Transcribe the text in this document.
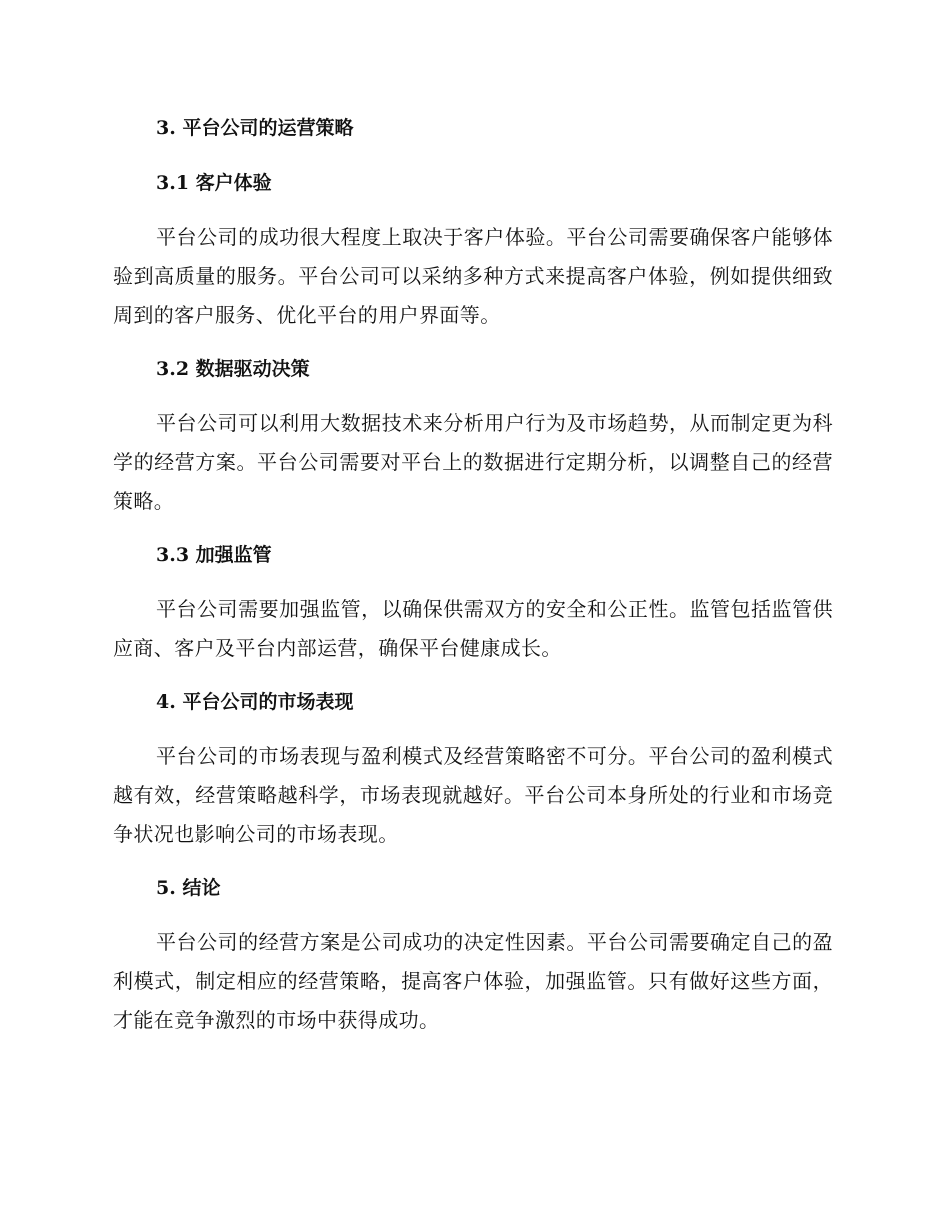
3. 平台公司的运营策略
3.1 客户体验

平台公司的成功很大程度上取决于客户体验。平台公司需要确保客户能够体验到高质量的服务。平台公司可以采纳多种方式来提高客户体验，例如提供细致周到的客户服务、优化平台的用户界面等。

3.2 数据驱动决策

平台公司可以利用大数据技术来分析用户行为及市场趋势，从而制定更为科学的经营方案。平台公司需要对平台上的数据进行定期分析，以调整自己的经营策略。

3.3 加强监管

平台公司需要加强监管，以确保供需双方的安全和公正性。监管包括监管供应商、客户及平台内部运营，确保平台健康成长。

4. 平台公司的市场表现

平台公司的市场表现与盈利模式及经营策略密不可分。平台公司的盈利模式越有效，经营策略越科学，市场表现就越好。平台公司本身所处的行业和市场竞争状况也影响公司的市场表现。

5. 结论

平台公司的经营方案是公司成功的决定性因素。平台公司需要确定自己的盈利模式，制定相应的经营策略，提高客户体验，加强监管。只有做好这些方面，才能在竞争激烈的市场中获得成功。
